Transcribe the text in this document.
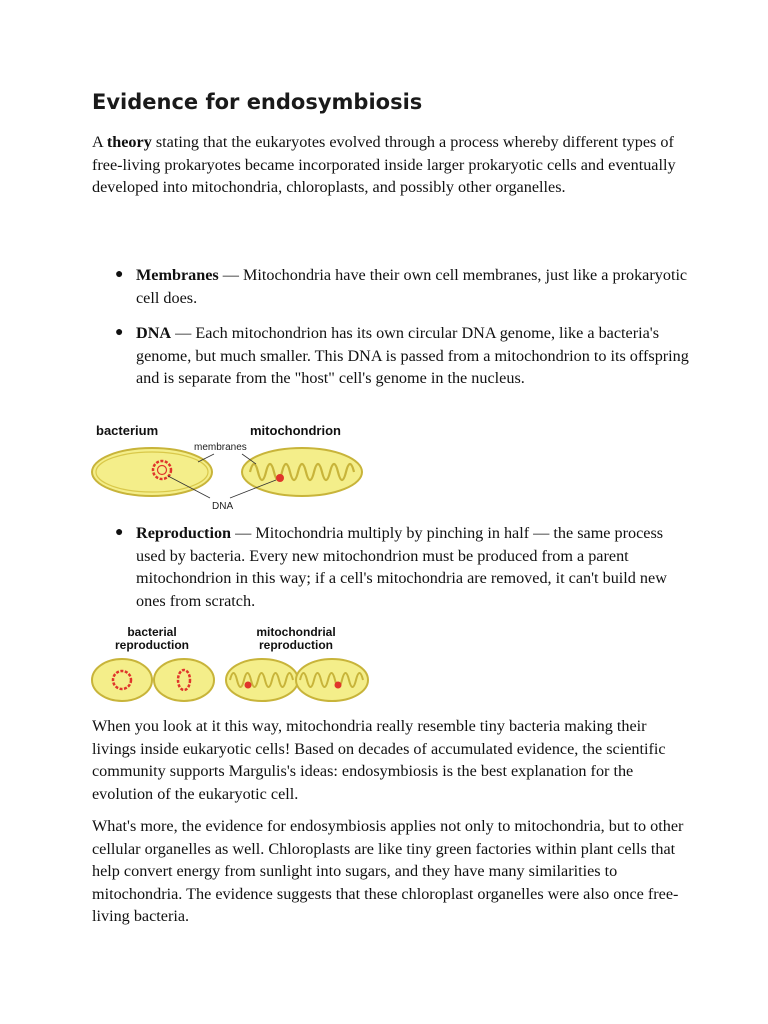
Evidence for endosymbiosis

A theory stating that the eukaryotes evolved through a process whereby different types of free-living prokaryotes became incorporated inside larger prokaryotic cells and eventually developed into mitochondria, chloroplasts, and possibly other organelles.

● Membranes — Mitochondria have their own cell membranes, just like a prokaryotic cell does.
● DNA — Each mitochondrion has its own circular DNA genome, like a bacteria's genome, but much smaller. This DNA is passed from a mitochondrion to its offspring and is separate from the "host" cell's genome in the nucleus.
● Reproduction — Mitochondria multiply by pinching in half — the same process used by bacteria. Every new mitochondrion must be produced from a parent mitochondrion in this way; if a cell's mitochondria are removed, it can't build new ones from scratch.

When you look at it this way, mitochondria really resemble tiny bacteria making their livings inside eukaryotic cells! Based on decades of accumulated evidence, the scientific community supports Margulis's ideas: endosymbiosis is the best explanation for the evolution of the eukaryotic cell.

What's more, the evidence for endosymbiosis applies not only to mitochondria, but to other cellular organelles as well. Chloroplasts are like tiny green factories within plant cells that help convert energy from sunlight into sugars, and they have many similarities to mitochondria. The evidence suggests that these chloroplast organelles were also once free-living bacteria.

bacterium	mitochondrion
membranes
DNA
bacterial
reproduction
mitochondrial
reproduction
